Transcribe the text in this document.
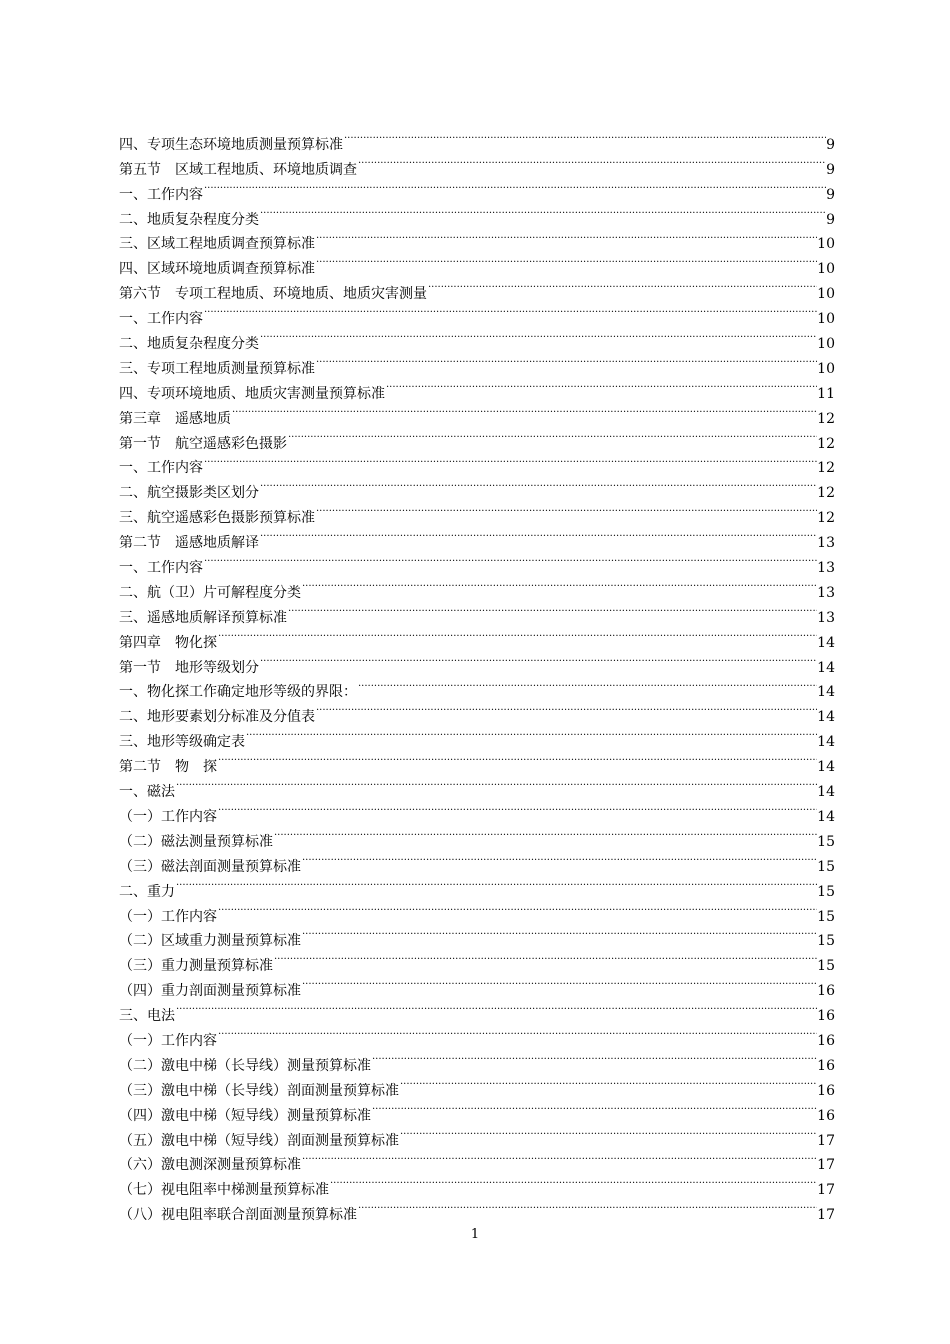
四、专项生态环境地质测量预算标准 .....	9
第五节　区域工程地质、环境地质调查 .....	9
一、工作内容 .....	9
二、地质复杂程度分类 .....	9
三、区域工程地质调查预算标准 .....	10
四、区域环境地质调查预算标准 .....	10
第六节　专项工程地质、环境地质、地质灾害测量 .....	10
一、工作内容 .....	10
二、地质复杂程度分类 .....	10
三、专项工程地质测量预算标准 .....	10
四、专项环境地质、地质灾害测量预算标准 .....	11
第三章　遥感地质 .....	12
第一节　航空遥感彩色摄影 .....	12
一、工作内容 .....	12
二、航空摄影类区划分 .....	12
三、航空遥感彩色摄影预算标准 .....	12
第二节　遥感地质解译 .....	13
一、工作内容 .....	13
二、航（卫）片可解程度分类 .....	13
三、遥感地质解译预算标准 .....	13
第四章　物化探 .....	14
第一节　地形等级划分 .....	14
一、物化探工作确定地形等级的界限： .....	14
二、地形要素划分标准及分值表 .....	14
三、地形等级确定表 .....	14
第二节　物　探 .....	14
一、磁法 .....	14
（一）工作内容 .....	14
（二）磁法测量预算标准 .....	15
（三）磁法剖面测量预算标准 .....	15
二、重力 .....	15
（一）工作内容 .....	15
（二）区域重力测量预算标准 .....	15
（三）重力测量预算标准 .....	15
（四）重力剖面测量预算标准 .....	16
三、电法 .....	16
（一）工作内容 .....	16
（二）激电中梯（长导线）测量预算标准 .....	16
（三）激电中梯（长导线）剖面测量预算标准 .....	16
（四）激电中梯（短导线）测量预算标准 .....	16
（五）激电中梯（短导线）剖面测量预算标准 .....	17
（六）激电测深测量预算标准 .....	17
（七）视电阻率中梯测量预算标准 .....	17
（八）视电阻率联合剖面测量预算标准 .....	17
1
